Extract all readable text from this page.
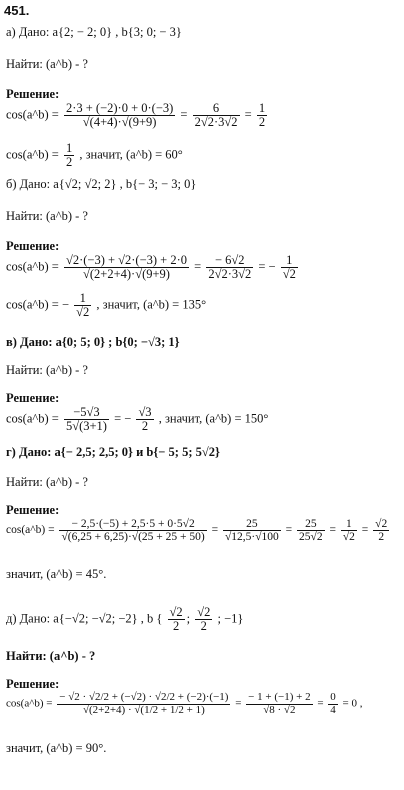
451.
а) Дано: a{2; − 2; 0} , b{3; 0; − 3}
Найти: (a^b) - ?
Решение:
cos(a^b) = $\frac{2\cdot 3 + (-2)\cdot 0 + 0\cdot(-3)}{√(4+4)\cdot√(9+9)} = \frac{6}{2√2\cdot 3√2} = \frac{1}{2}$
cos(a^b) = $\frac{1}{2}$ , значит, (a^b) = 60°
б) Дано: a{√2; √2; 2} , b{− 3; − 3; 0}
Найти: (a^b) - ?
Решение:
cos(a^b) = $\frac{√2\cdot(-3) + √2\cdot(-3) + 2\cdot 0}{√(2+2+4)\cdot√(9+9)} = \frac{- 6√2}{2√2\cdot 3√2}$ = − $\frac{1}{√2}$
cos(a^b) = − $\frac{1}{√2}$ , значит, (a^b) = 135°
в) Дано: a{0; 5; 0} ; b{0; −√3; 1}
Найти: (a^b) - ?
Решение:
cos(a^b) = $\frac{-5√3}{5√(3+1)}$ = − $\frac{√3}{2}$ , значит, (a^b) = 150°
г) Дано: a{− 2,5; 2,5; 0} и b{− 5; 5; 5√2}
Найти: (a^b) - ?
Решение:
cos(a^b) = $\frac{- 2,5\cdot(-5) + 2,5\cdot 5 + 0\cdot 5√2}{√(6,25 + 6,25)\cdot√(25 + 25 + 50)} = \frac{25}{√12,5\cdot√100} = \frac{25}{25√2} = \frac{1}{√2} = \frac{√2}{2}$
значит, (a^b) = 45°.
д) Дано: a{−√2; −√2; −2} , b { $\frac{√2}{2}$ ; $\frac{√2}{2}$ ; −1}
Найти: (a^b) - ?
Решение:
cos(a^b) = $\frac{- √2 \cdot √2/2 + (-√2) \cdot √2/2 + (-2)\cdot(-1)}{√(2+2+4) \cdot √(1/2 + 1/2 + 1)} = \frac{- 1 + (-1) + 2}{√8 \cdot √2} = \frac{0}{4} = 0$ ,
значит, (a^b) = 90°.
